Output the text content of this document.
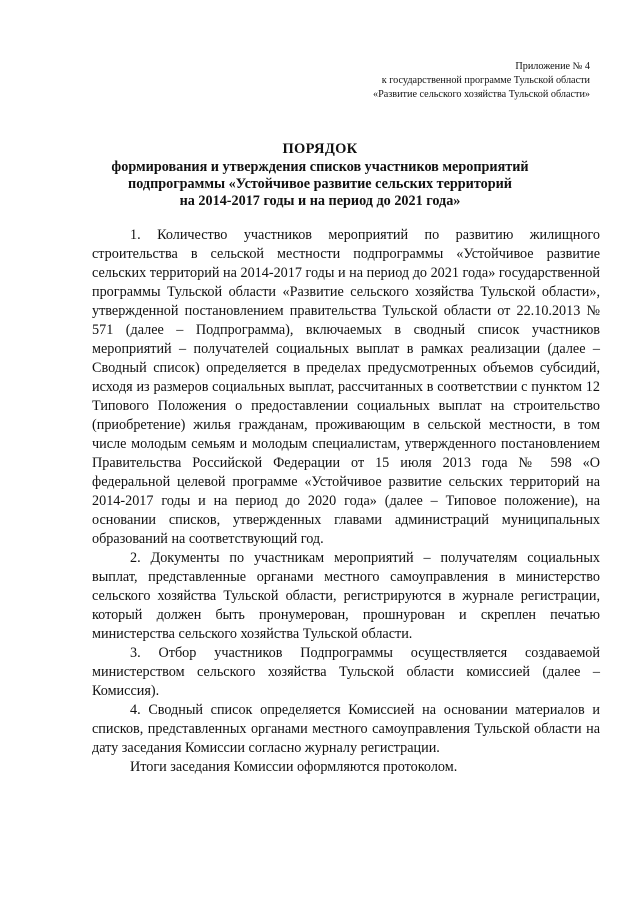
Приложение № 4
к государственной программе Тульской области
«Развитие сельского хозяйства Тульской области»
ПОРЯДОК
формирования и утверждения списков участников мероприятий
подпрограммы «Устойчивое развитие сельских территорий
на 2014-2017 годы и на период до 2021 года»

1. Количество участников мероприятий по развитию жилищного строительства в сельской местности подпрограммы «Устойчивое развитие сельских территорий на 2014-2017 годы и на период до 2021 года» государственной программы Тульской области «Развитие сельского хозяйства Тульской области», утвержденной постановлением правительства Тульской области от 22.10.2013 № 571 (далее – Подпрограмма), включаемых в сводный список участников мероприятий – получателей социальных выплат в рамках реализации (далее – Сводный список) определяется в пределах предусмотренных объемов субсидий, исходя из размеров социальных выплат, рассчитанных в соответствии с пунктом 12 Типового Положения о предоставлении социальных выплат на строительство (приобретение) жилья гражданам, проживающим в сельской местности, в том числе молодым семьям и молодым специалистам, утвержденного постановлением Правительства Российской Федерации от 15 июля 2013 года № 598 «О федеральной целевой программе «Устойчивое развитие сельских территорий на 2014-2017 годы и на период до 2020 года» (далее – Типовое положение), на основании списков, утвержденных главами администраций муниципальных образований на соответствующий год.

2. Документы по участникам мероприятий – получателям социальных выплат, представленные органами местного самоуправления в министерство сельского хозяйства Тульской области, регистрируются в журнале регистрации, который должен быть пронумерован, прошнурован и скреплен печатью министерства сельского хозяйства Тульской области.

3. Отбор участников Подпрограммы осуществляется создаваемой министерством сельского хозяйства Тульской области комиссией (далее – Комиссия).

4. Сводный список определяется Комиссией на основании материалов и списков, представленных органами местного самоуправления Тульской области на дату заседания Комиссии согласно журналу регистрации.

Итоги заседания Комиссии оформляются протоколом.
